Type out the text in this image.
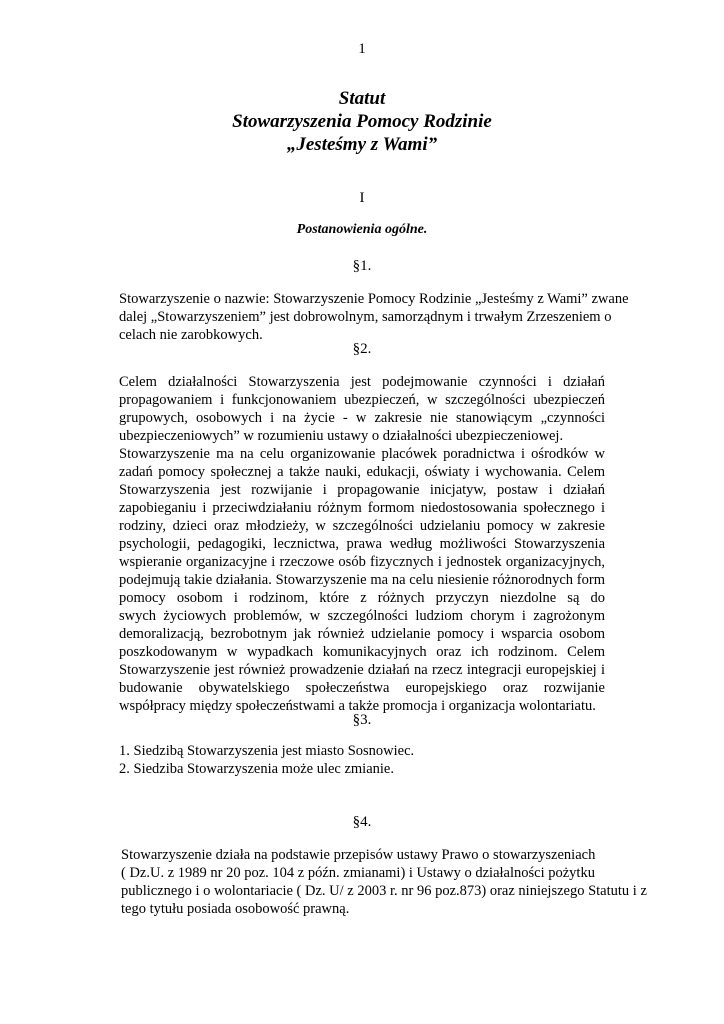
1

Statut
Stowarzyszenia Pomocy Rodzinie
„Jesteśmy z Wami”

I

Postanowienia ogólne.

§1.

Stowarzyszenie o nazwie: Stowarzyszenie Pomocy Rodzinie „Jesteśmy z Wami” zwane
dalej „Stowarzyszeniem” jest dobrowolnym, samorządnym i trwałym Zrzeszeniem o
celach nie zarobkowych.

§2.

Celem działalności Stowarzyszenia jest podejmowanie czynności i działań
propagowaniem i funkcjonowaniem ubezpieczeń, w szczególności ubezpieczeń
grupowych, osobowych i na życie - w zakresie nie stanowiącym „czynności
ubezpieczeniowych” w rozumieniu ustawy o działalności ubezpieczeniowej.
Stowarzyszenie ma na celu organizowanie placówek poradnictwa i ośrodków w
zadań pomocy społecznej a także nauki, edukacji, oświaty i wychowania. Celem
Stowarzyszenia jest rozwijanie i propagowanie inicjatyw, postaw i działań
zapobieganiu i przeciwdziałaniu różnym formom niedostosowania społecznego i
rodziny, dzieci oraz młodzieży, w szczególności udzielaniu pomocy w zakresie
psychologii, pedagogiki, lecznictwa, prawa według możliwości Stowarzyszenia
wspieranie organizacyjne i rzeczowe osób fizycznych i jednostek organizacyjnych,
podejmują takie działania. Stowarzyszenie ma na celu niesienie różnorodnych form
pomocy osobom i rodzinom, które z różnych przyczyn niezdolne są do
swych życiowych problemów, w szczególności ludziom chorym i zagrożonym
demoralizacją, bezrobotnym jak również udzielanie pomocy i wsparcia osobom
poszkodowanym w wypadkach komunikacyjnych oraz ich rodzinom. Celem
Stowarzyszenie jest również prowadzenie działań na rzecz integracji europejskiej i
budowanie obywatelskiego społeczeństwa europejskiego oraz rozwijanie
współpracy między społeczeństwami a także promocja i organizacja wolontariatu.

§3.

1. Siedzibą Stowarzyszenia jest miasto Sosnowiec.
2. Siedziba Stowarzyszenia może ulec zmianie.

§4.

Stowarzyszenie działa na podstawie przepisów ustawy Prawo o stowarzyszeniach
( Dz.U. z 1989 nr 20 poz. 104 z późn. zmianami) i Ustawy o działalności pożytku
publicznego i o wolontariacie ( Dz. U/ z 2003 r. nr 96 poz.873) oraz niniejszego Statutu i z
tego tytułu posiada osobowość prawną.
